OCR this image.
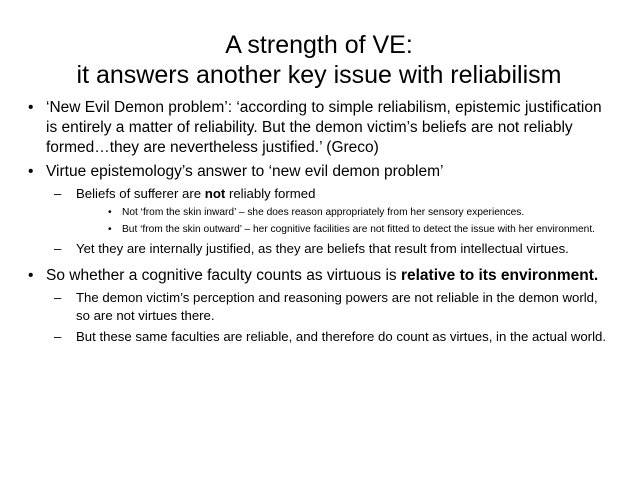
A strength of VE:
it answers another key issue with reliabilism
• ‘New Evil Demon problem’: ‘according to simple reliabilism, epistemic justification is entirely a matter of reliability. But the demon victim’s beliefs are not reliably formed…they are nevertheless justified.’ (Greco)
• Virtue epistemology’s answer to ‘new evil demon problem’
– Beliefs of sufferer are not reliably formed
• Not ‘from the skin inward’ – she does reason appropriately from her sensory experiences.
• But ‘from the skin outward’ – her cognitive facilities are not fitted to detect the issue with her environment.
– Yet they are internally justified, as they are beliefs that result from intellectual virtues.
• So whether a cognitive faculty counts as virtuous is relative to its environment.
– The demon victim’s perception and reasoning powers are not reliable in the demon world, so are not virtues there.
– But these same faculties are reliable, and therefore do count as virtues, in the actual world.
